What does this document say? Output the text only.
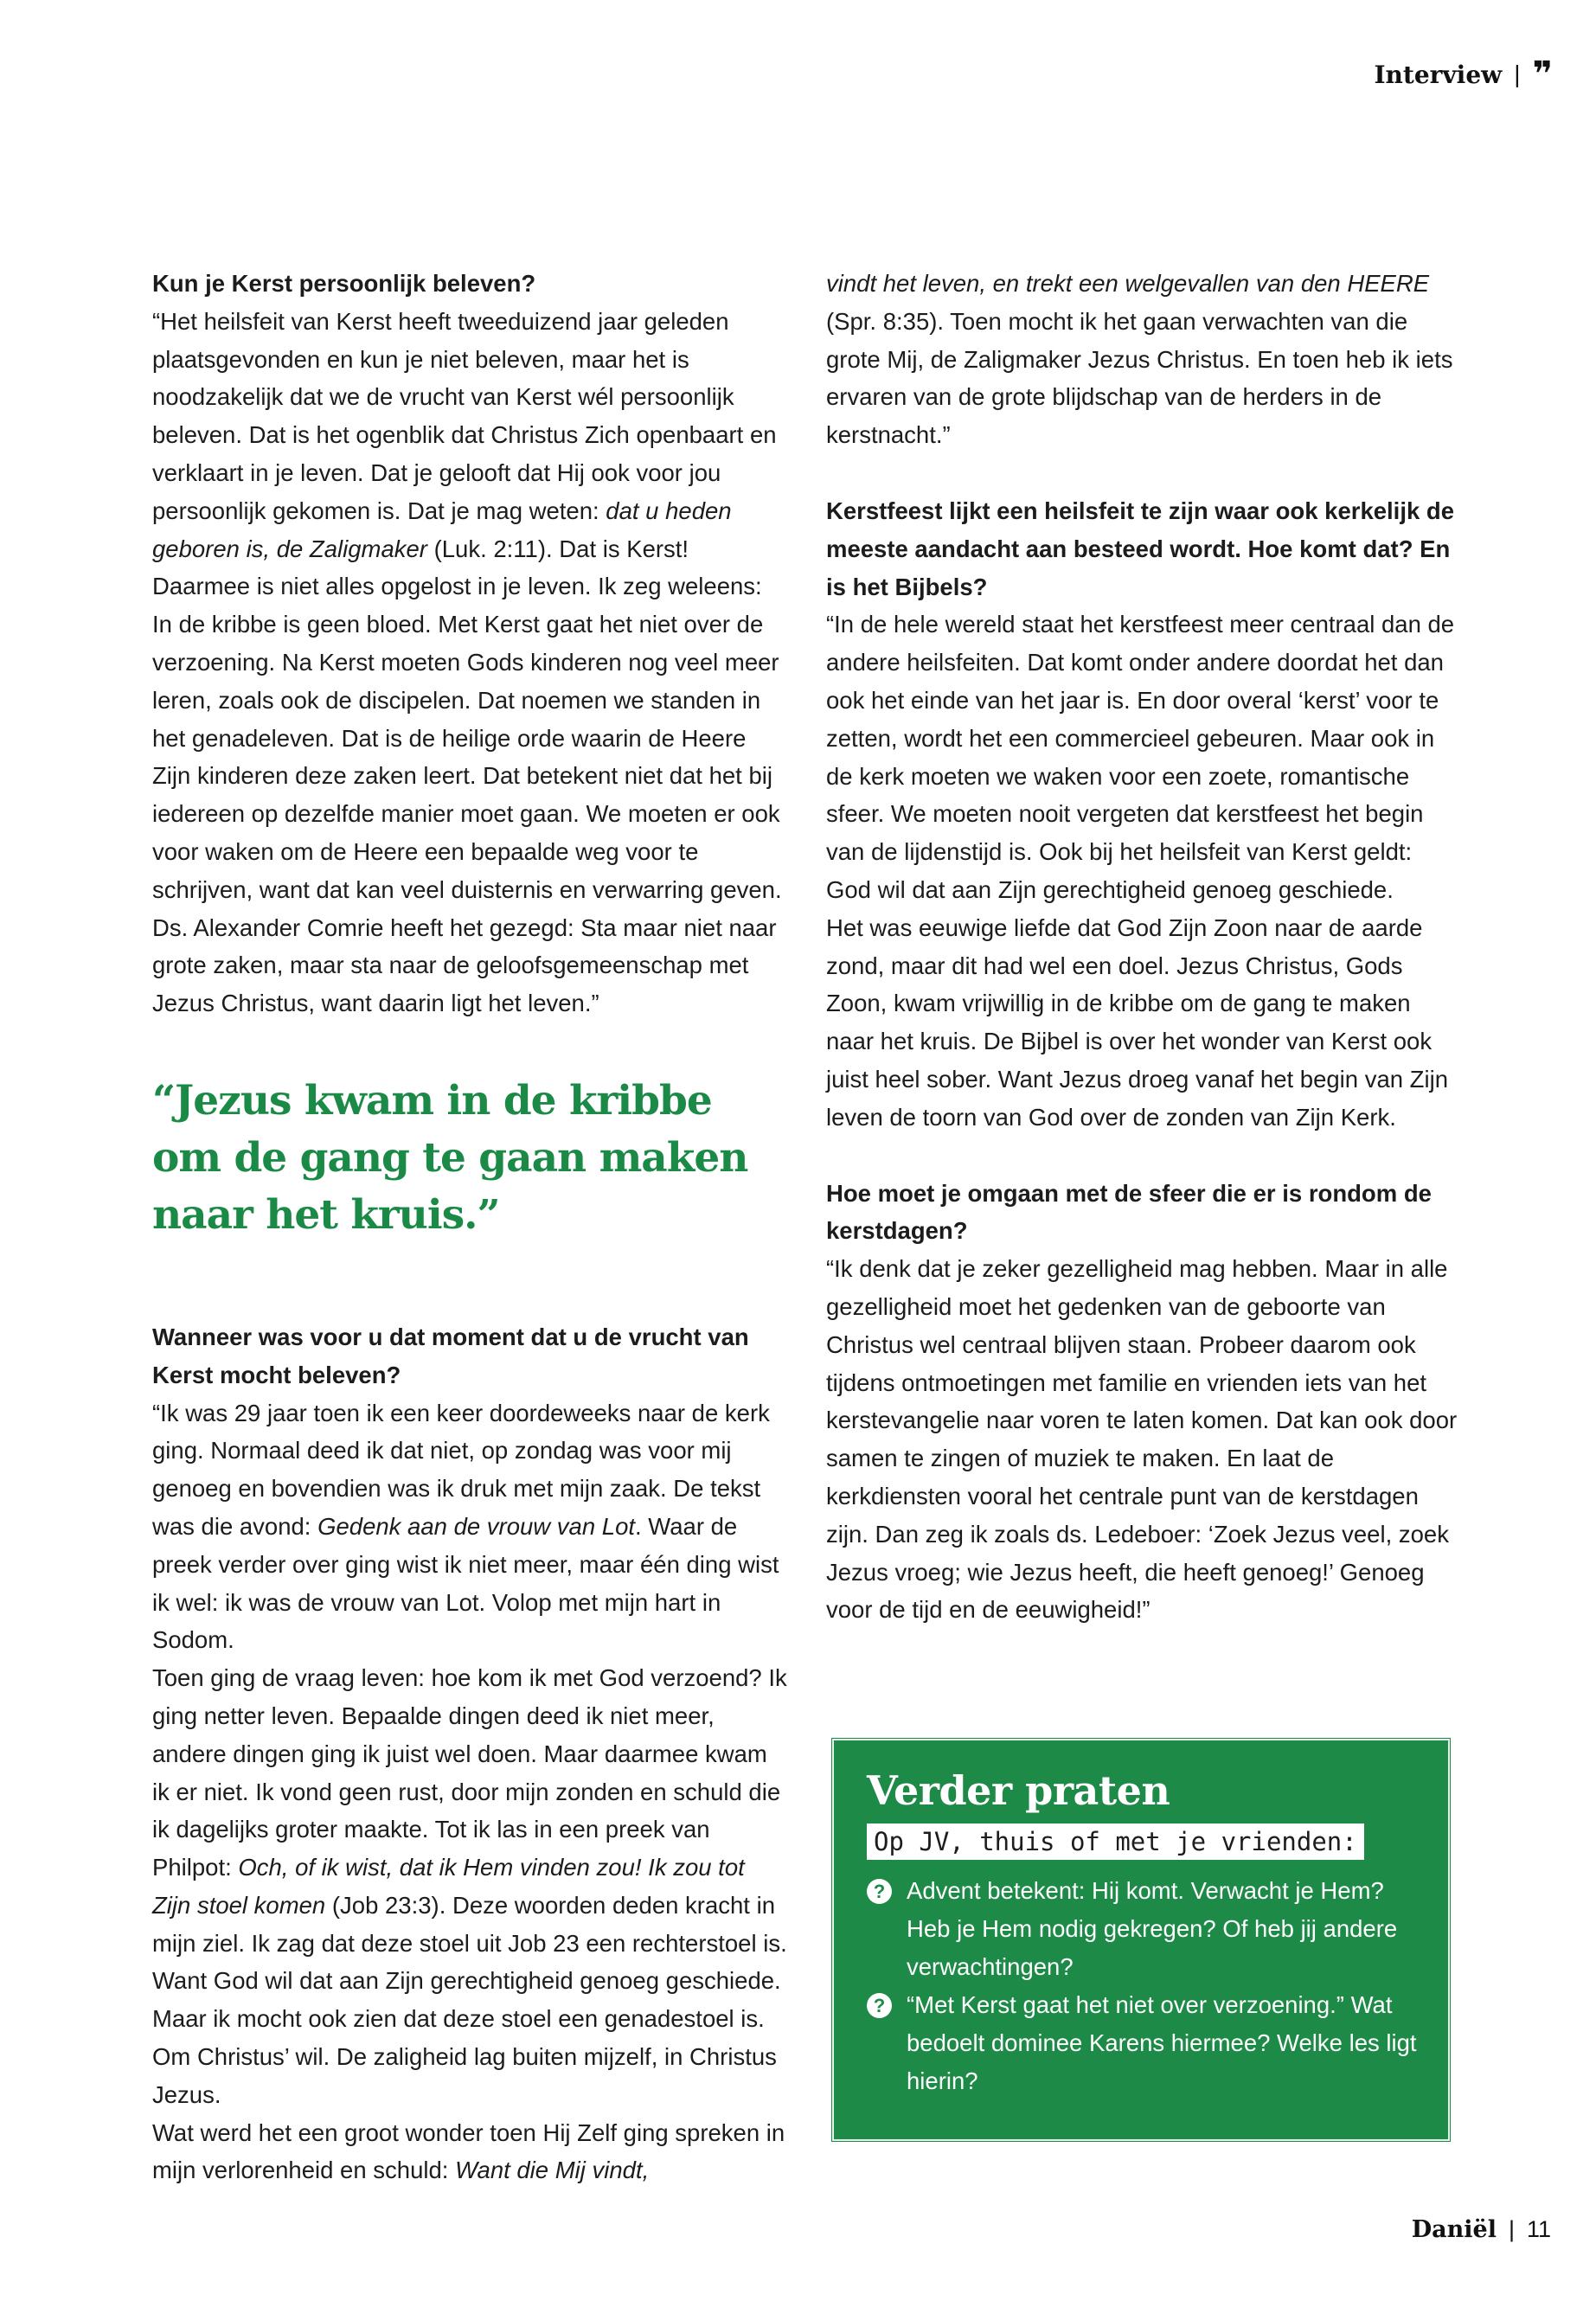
Interview | ❞

Kun je Kerst persoonlijk beleven?

“Het heilsfeit van Kerst heeft tweeduizend jaar geleden plaatsgevonden en kun je niet beleven, maar het is noodzakelijk dat we de vrucht van Kerst wél persoonlijk beleven. Dat is het ogenblik dat Christus Zich openbaart en verklaart in je leven. Dat je gelooft dat Hij ook voor jou persoonlijk gekomen is. Dat je mag weten: dat u heden geboren is, de Zaligmaker (Luk. 2:11). Dat is Kerst!

Daarmee is niet alles opgelost in je leven. Ik zeg weleens: In de kribbe is geen bloed. Met Kerst gaat het niet over de verzoening. Na Kerst moeten Gods kinderen nog veel meer leren, zoals ook de discipelen. Dat noemen we standen in het genadeleven. Dat is de heilige orde waarin de Heere Zijn kinderen deze zaken leert. Dat betekent niet dat het bij iedereen op dezelfde manier moet gaan. We moeten er ook voor waken om de Heere een bepaalde weg voor te schrijven, want dat kan veel duisternis en verwarring geven. Ds. Alexander Comrie heeft het gezegd: Sta maar niet naar grote zaken, maar sta naar de geloofsgemeenschap met Jezus Christus, want daarin ligt het leven.”

“Jezus kwam in de kribbe om de gang te gaan maken naar het kruis.”

Wanneer was voor u dat moment dat u de vrucht van Kerst mocht beleven?

“Ik was 29 jaar toen ik een keer doordeweeks naar de kerk ging. Normaal deed ik dat niet, op zondag was voor mij genoeg en bovendien was ik druk met mijn zaak. De tekst was die avond: Gedenk aan de vrouw van Lot. Waar de preek verder over ging wist ik niet meer, maar één ding wist ik wel: ik was de vrouw van Lot. Volop met mijn hart in Sodom.

Toen ging de vraag leven: hoe kom ik met God verzoend? Ik ging netter leven. Bepaalde dingen deed ik niet meer, andere dingen ging ik juist wel doen. Maar daarmee kwam ik er niet. Ik vond geen rust, door mijn zonden en schuld die ik dagelijks groter maakte. Tot ik las in een preek van Philpot: Och, of ik wist, dat ik Hem vinden zou! Ik zou tot Zijn stoel komen (Job 23:3). Deze woorden deden kracht in mijn ziel. Ik zag dat deze stoel uit Job 23 een rechterstoel is. Want God wil dat aan Zijn gerechtigheid genoeg geschiede. Maar ik mocht ook zien dat deze stoel een genadestoel is. Om Christus’ wil. De zaligheid lag buiten mijzelf, in Christus Jezus.

Wat werd het een groot wonder toen Hij Zelf ging spreken in mijn verlorenheid en schuld: Want die Mij vindt,

vindt het leven, en trekt een welgevallen van den HEERE (Spr. 8:35). Toen mocht ik het gaan verwachten van die grote Mij, de Zaligmaker Jezus Christus. En toen heb ik iets ervaren van de grote blijdschap van de herders in de kerstnacht.”

Kerstfeest lijkt een heilsfeit te zijn waar ook kerkelijk de meeste aandacht aan besteed wordt. Hoe komt dat? En is het Bijbels?

“In de hele wereld staat het kerstfeest meer centraal dan de andere heilsfeiten. Dat komt onder andere doordat het dan ook het einde van het jaar is. En door overal ‘kerst’ voor te zetten, wordt het een commercieel gebeuren. Maar ook in de kerk moeten we waken voor een zoete, romantische sfeer. We moeten nooit vergeten dat kerstfeest het begin van de lijdenstijd is. Ook bij het heilsfeit van Kerst geldt: God wil dat aan Zijn gerechtigheid genoeg geschiede.

Het was eeuwige liefde dat God Zijn Zoon naar de aarde zond, maar dit had wel een doel. Jezus Christus, Gods Zoon, kwam vrijwillig in de kribbe om de gang te maken naar het kruis. De Bijbel is over het wonder van Kerst ook juist heel sober. Want Jezus droeg vanaf het begin van Zijn leven de toorn van God over de zonden van Zijn Kerk.

Hoe moet je omgaan met de sfeer die er is rondom de kerstdagen?

“Ik denk dat je zeker gezelligheid mag hebben. Maar in alle gezelligheid moet het gedenken van de geboorte van Christus wel centraal blijven staan. Probeer daarom ook tijdens ontmoetingen met familie en vrienden iets van het kerstevangelie naar voren te laten komen. Dat kan ook door samen te zingen of muziek te maken. En laat de kerkdiensten vooral het centrale punt van de kerstdagen zijn. Dan zeg ik zoals ds. Ledeboer: ‘Zoek Jezus veel, zoek Jezus vroeg; wie Jezus heeft, die heeft genoeg!’ Genoeg voor de tijd en de eeuwigheid!”

Verder praten
Op JV, thuis of met je vrienden:
? Advent betekent: Hij komt. Verwacht je Hem? Heb je Hem nodig gekregen? Of heb jij andere verwachtingen?
? “Met Kerst gaat het niet over verzoening.” Wat bedoelt dominee Karens hiermee? Welke les ligt hierin?
Daniël | 11
